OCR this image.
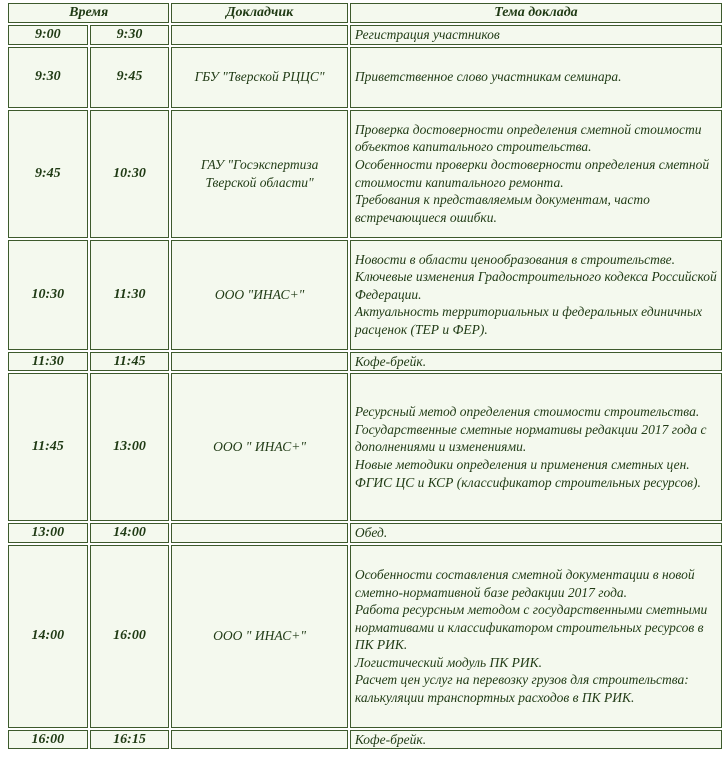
Время		Докладчик	Тема доклада
9:00	9:30		Регистрация участников

9:30	9:45	ГБУ "Тверской РЦЦС"	Приветственное слово участникам семинара.

9:45	10:30	ГАУ "Госэкспертиза Тверской области"	Проверка достоверности определения сметной стоимости объектов капитального строительства.
Особенности проверки достоверности определения сметной стоимости капитального ремонта.
Требования к представляемым документам, часто встречающиеся ошибки.

10:30	11:30	ООО "ИНАС+"	Новости в области ценообразования в строительстве.
Ключевые изменения Градостроительного кодекса Российской Федерации.
Актуальность территориальных и федеральных единичных расценок (ТЕР и ФЕР).

11:30	11:45		Кофе-брейк.

11:45	13:00	ООО " ИНАС+"	Ресурсный метод определения стоимости строительства.
Государственные сметные нормативы редакции 2017 года с дополнениями и изменениями.
Новые методики определения и применения сметных цен.
ФГИС ЦС и КСР (классификатор строительных ресурсов).

13:00	14:00		Обед.

14:00	16:00	ООО " ИНАС+"	Особенности составления сметной документации в новой сметно-нормативной базе редакции 2017 года.
Работа ресурсным методом с государственными сметными нормативами и классификатором строительных ресурсов в ПК РИК.
Логистический модуль ПК РИК.
Расчет цен услуг на перевозку грузов для строительства: калькуляции транспортных расходов в ПК РИК.

16:00	16:15		Кофе-брейк.
